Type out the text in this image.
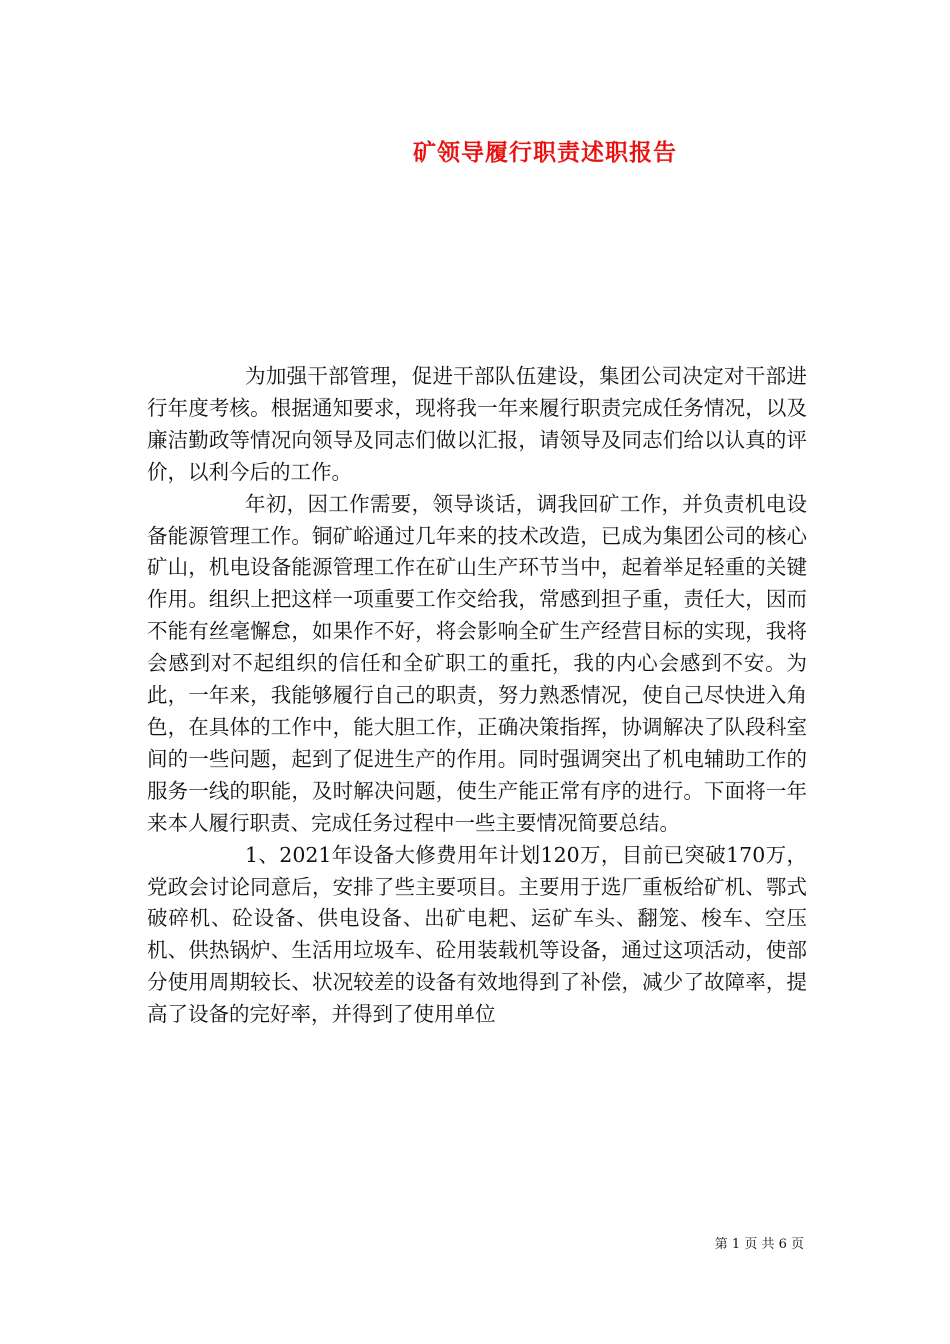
矿领导履行职责述职报告

为加强干部管理，促进干部队伍建设，集团公司决定对干部进行年度考核。根据通知要求，现将我一年来履行职责完成任务情况，以及廉洁勤政等情况向领导及同志们做以汇报，请领导及同志们给以认真的评价，以利今后的工作。

年初，因工作需要，领导谈话，调我回矿工作，并负责机电设备能源管理工作。铜矿峪通过几年来的技术改造，已成为集团公司的核心矿山，机电设备能源管理工作在矿山生产环节当中，起着举足轻重的关键作用。组织上把这样一项重要工作交给我，常感到担子重，责任大，因而不能有丝毫懈怠，如果作不好，将会影响全矿生产经营目标的实现，我将会感到对不起组织的信任和全矿职工的重托，我的内心会感到不安。为此，一年来，我能够履行自己的职责，努力熟悉情况，使自己尽快进入角色，在具体的工作中，能大胆工作，正确决策指挥，协调解决了队段科室间的一些问题，起到了促进生产的作用。同时强调突出了机电辅助工作的服务一线的职能，及时解决问题，使生产能正常有序的进行。下面将一年来本人履行职责、完成任务过程中一些主要情况简要总结。

1、2021年设备大修费用年计划120万，目前已突破170万，党政会讨论同意后，安排了些主要项目。主要用于选厂重板给矿机、鄂式破碎机、砼设备、供电设备、出矿电耙、运矿车头、翻笼、梭车、空压机、供热锅炉、生活用垃圾车、砼用装载机等设备，通过这项活动，使部分使用周期较长、状况较差的设备有效地得到了补偿，减少了故障率，提高了设备的完好率，并得到了使用单位

第 1 页 共 6 页
